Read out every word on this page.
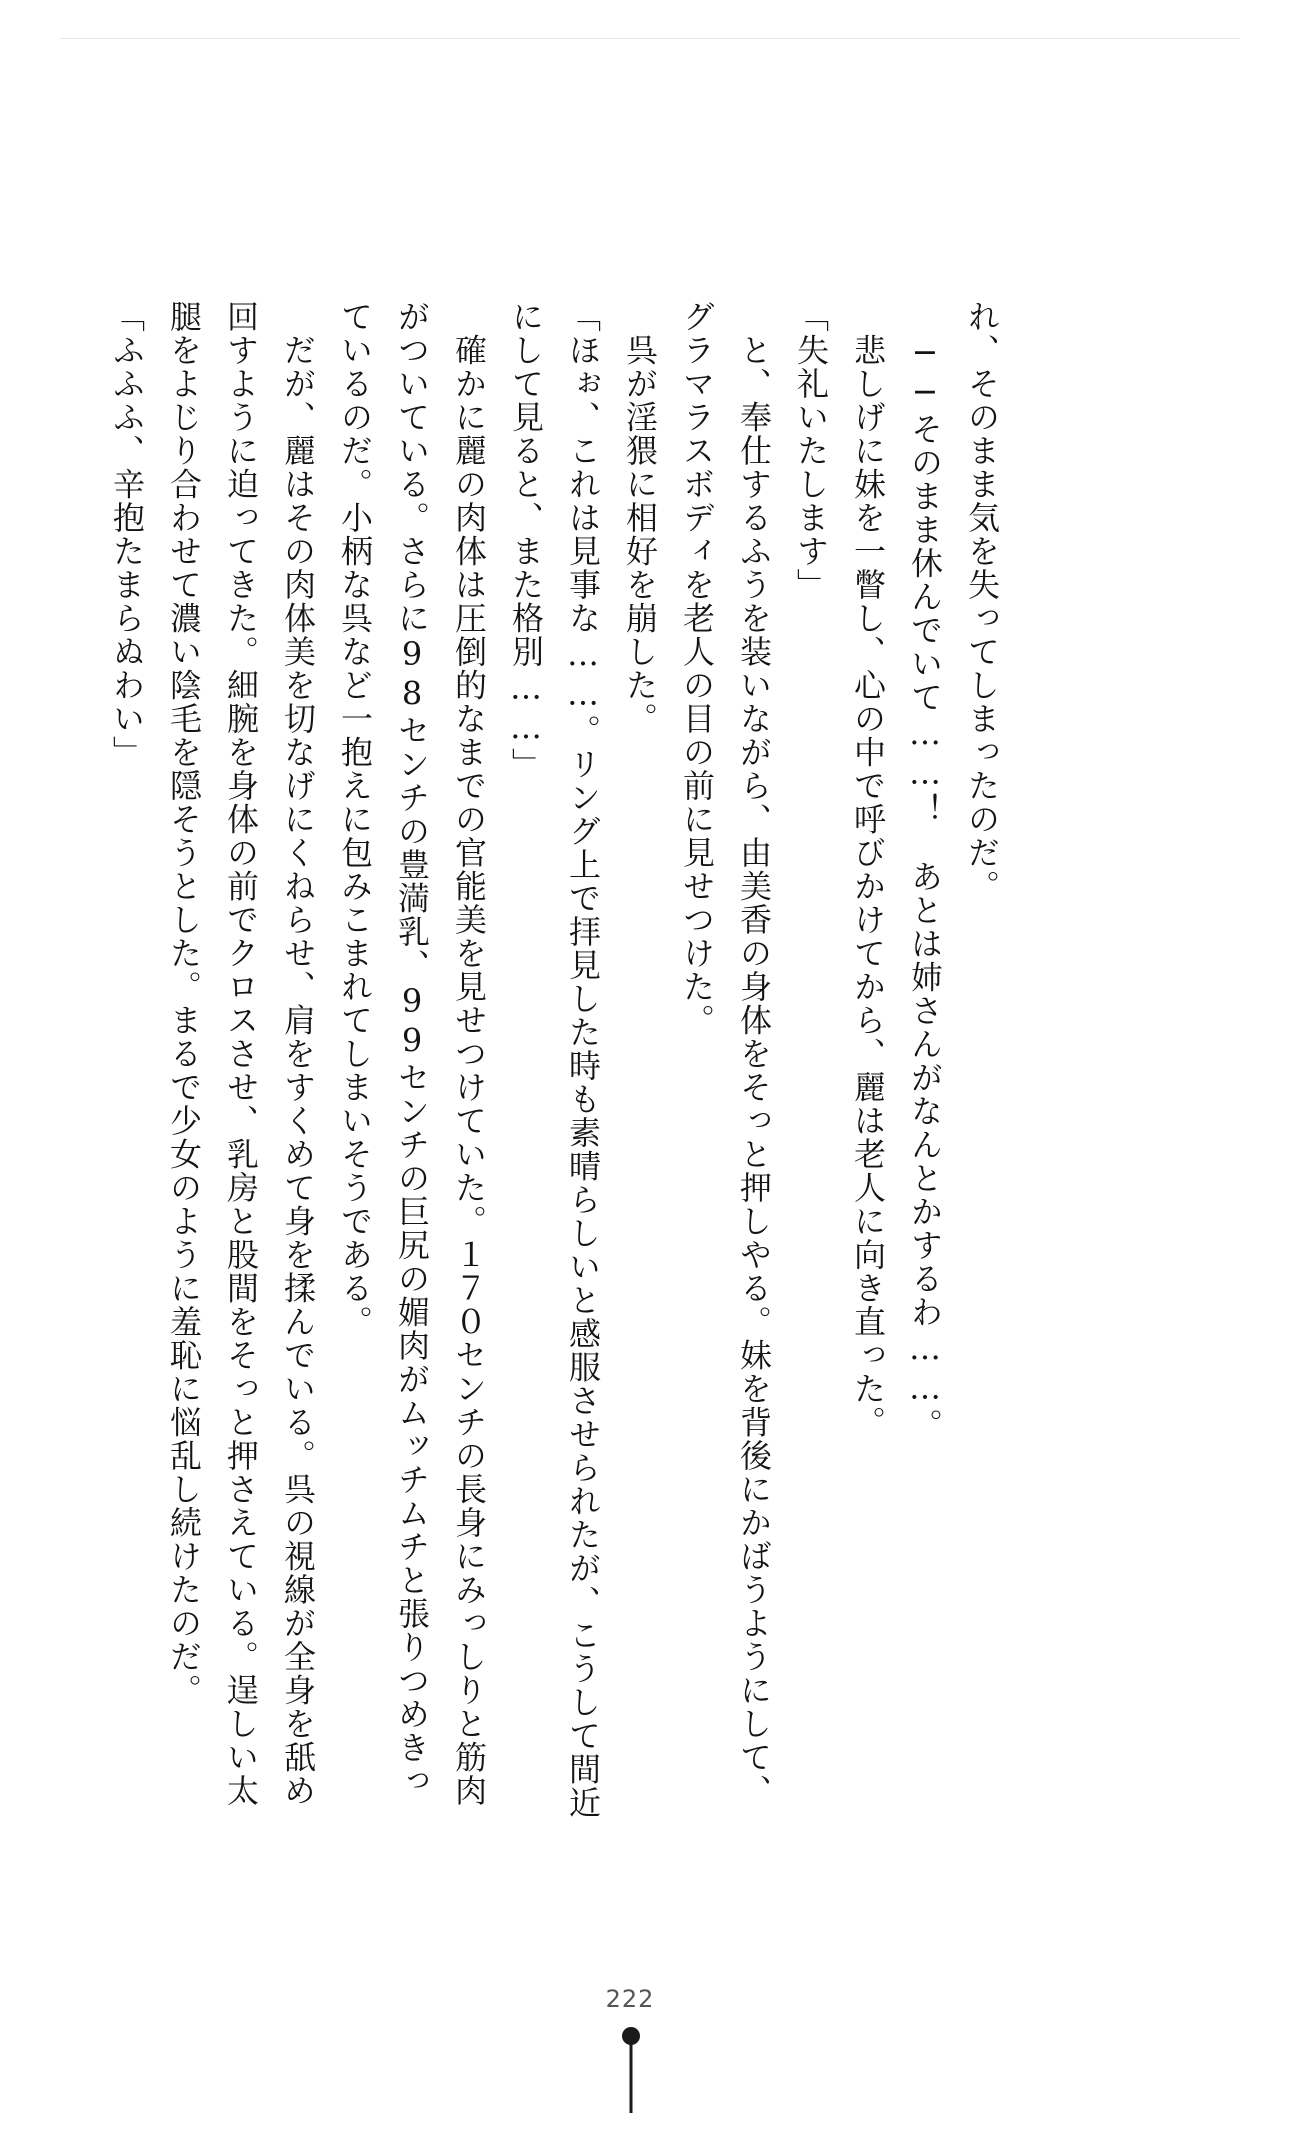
れ、そのまま気を失ってしまったのだ。

　──そのまま休んでいて……！　あとは姉さんがなんとかするわ……。

　悲しげに妹を一瞥し、心の中で呼びかけてから、麗は老人に向き直った。

「失礼いたします」

　と、奉仕するふうを装いながら、由美香の身体をそっと押しやる。妹を背後にかばうようにして、グラマラスボディを老人の目の前に見せつけた。

　呉が淫猥に相好を崩した。

「ほぉ、これは見事な……。リング上で拝見した時も素晴らしいと感服させられたが、こうして間近にして見ると、また格別……」

　確かに麗の肉体は圧倒的なまでの官能美を見せつけていた。１７０センチの長身にみっしりと筋肉がついている。さらに98センチの豊満乳、99センチの巨尻の媚肉がムッチムチと張りつめきっているのだ。小柄な呉など一抱えに包みこまれてしまいそうである。

　だが、麗はその肉体美を切なげにくねらせ、肩をすくめて身を揉んでいる。呉の視線が全身を舐め回すように迫ってきた。細腕を身体の前でクロスさせ、乳房と股間をそっと押さえている。逞しい太腿をよじり合わせて濃い陰毛を隠そうとした。まるで少女のように羞恥に悩乱し続けたのだ。

「ふふふ、辛抱たまらぬわい」

222
